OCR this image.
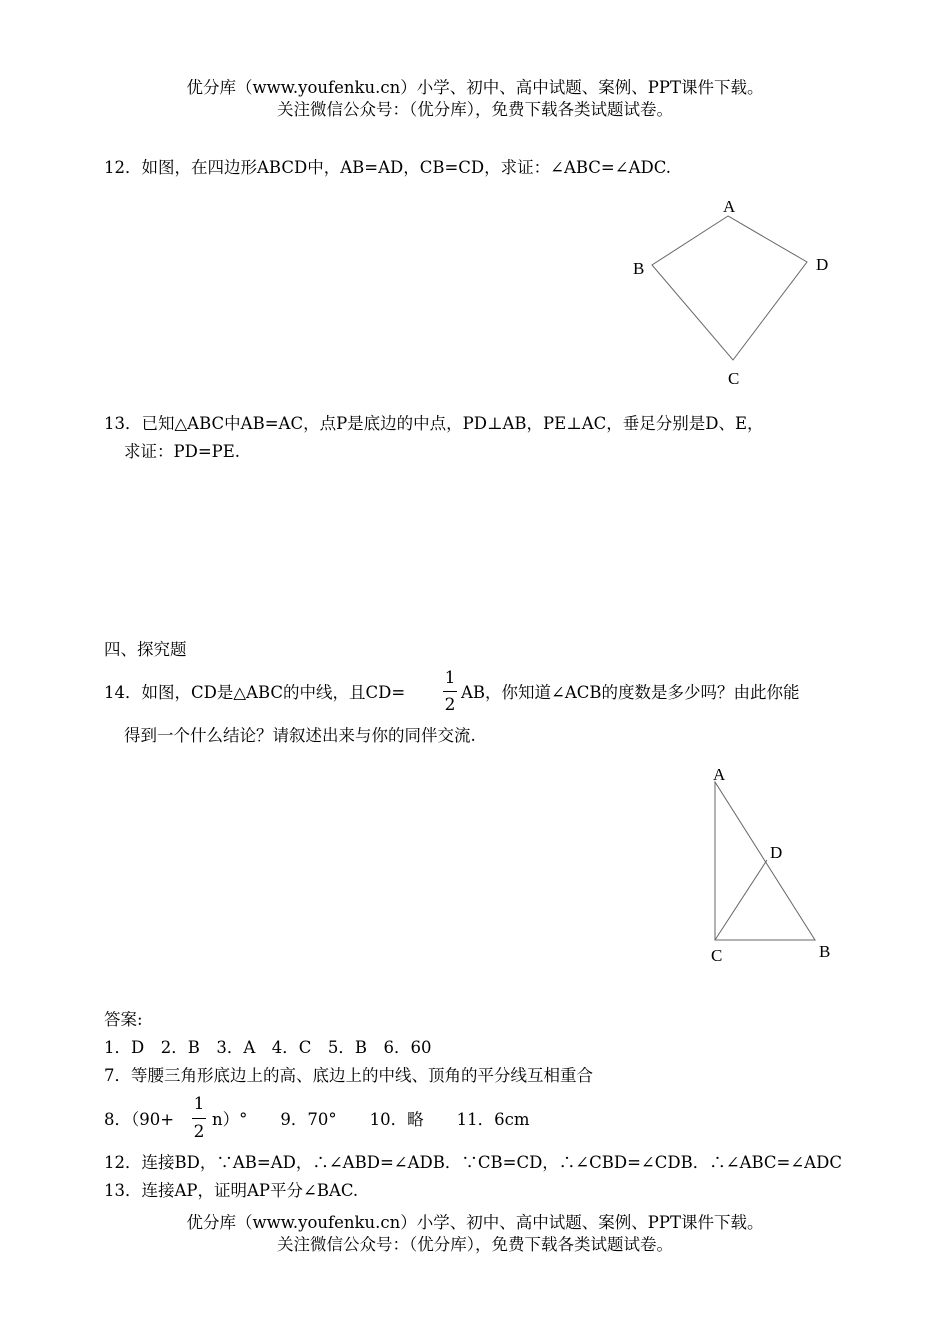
优分库（www.youfenku.cn）小学、初中、高中试题、案例、PPT课件下载。
关注微信公众号：（优分库），免费下载各类试题试卷。
12．如图，在四边形ABCD中，AB=AD，CB=CD，求证：∠ABC=∠ADC.
A
B
C
D
13．已知△ABC中AB=AC，点P是底边的中点，PD⊥AB，PE⊥AC，垂足分别是D、E，
求证：PD=PE.
四、探究题
14．如图，CD是△ABC的中线，且CD=
1
2
AB，你知道∠ACB的度数是多少吗？由此你能
得到一个什么结论？请叙述出来与你的同伴交流.
A
D
C	B
答案:
1．D　2．B　3．A　4．C　5．B　6．60
7．等腰三角形底边上的高、底边上的中线、顶角的平分线互相重合
8．（90+
1
2
n）°　　9．70°　　10．略　　11．6cm
12．连接BD，∵AB=AD，∴∠ABD=∠ADB．∵CB=CD，∴∠CBD=∠CDB．∴∠ABC=∠ADC
13．连接AP，证明AP平分∠BAC.
优分库（www.youfenku.cn）小学、初中、高中试题、案例、PPT课件下载。
关注微信公众号：（优分库），免费下载各类试题试卷。
